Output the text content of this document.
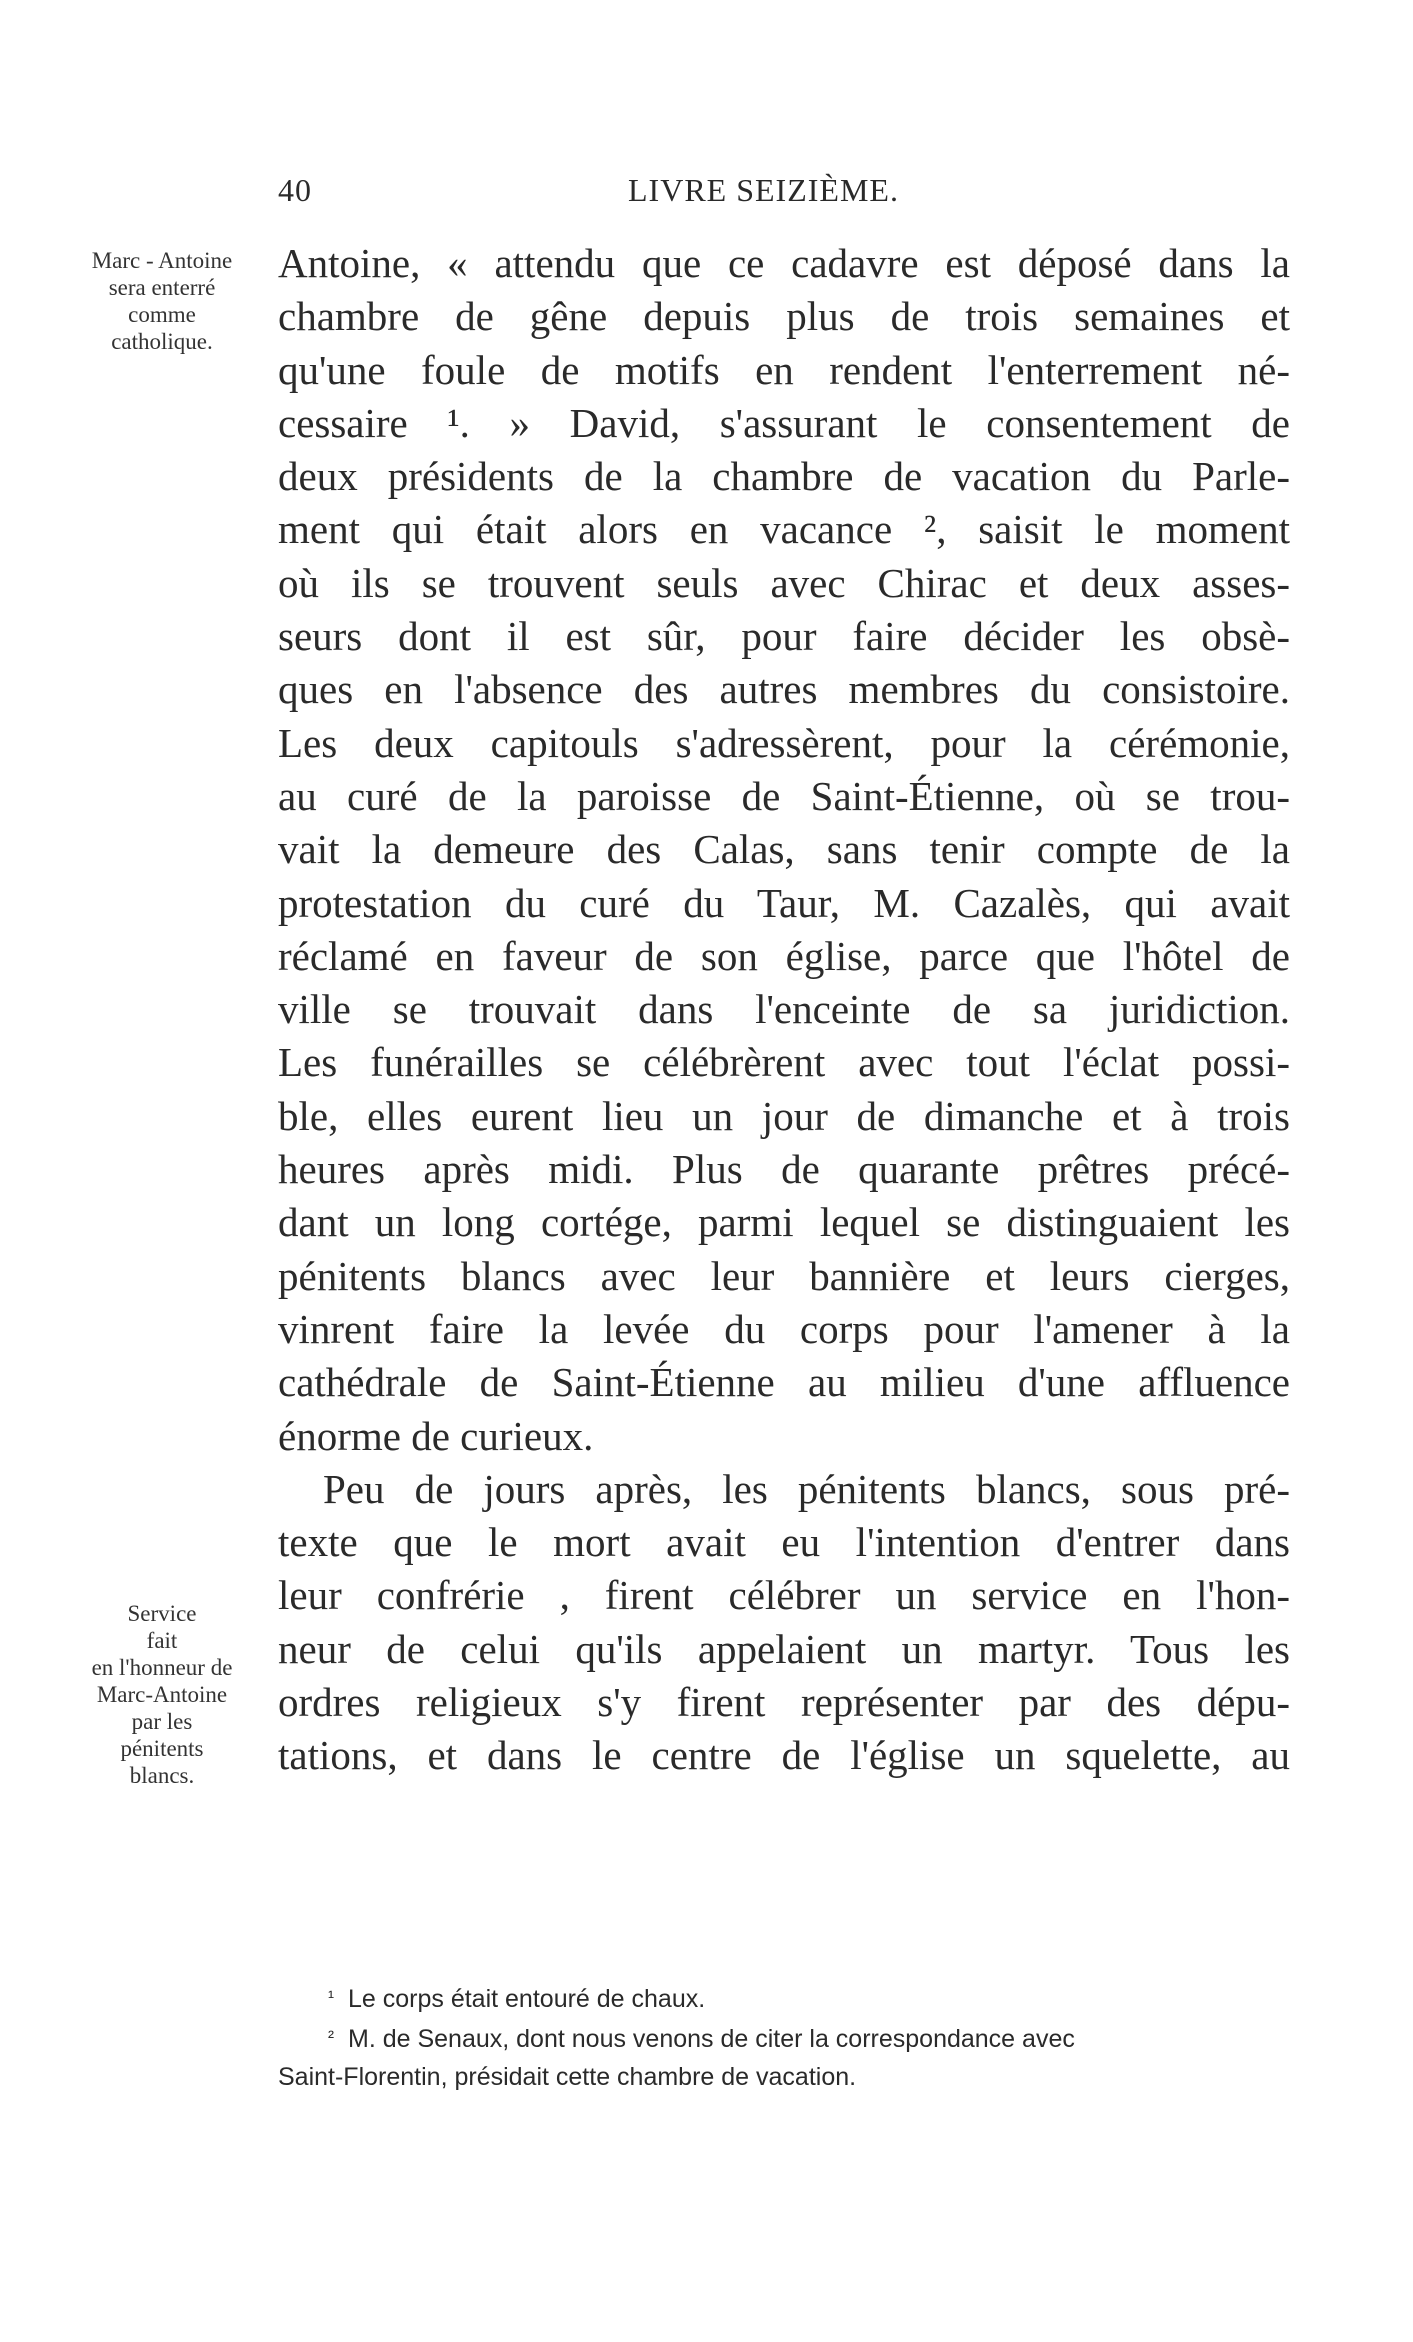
40	LIVRE SEIZIÈME.
Marc - Antoine
sera enterré
comme
catholique.
Service
fait
en l'honneur de
Marc-Antoine
par les
pénitents
blancs.
Antoine, « attendu que ce cadavre est déposé dans la
chambre de gêne depuis plus de trois semaines et
qu'une foule de motifs en rendent l'enterrement né-
cessaire ¹. » David, s'assurant le consentement de
deux présidents de la chambre de vacation du Parle-
ment qui était alors en vacance ², saisit le moment
où ils se trouvent seuls avec Chirac et deux asses-
seurs dont il est sûr, pour faire décider les obsè-
ques en l'absence des autres membres du consistoire.
Les deux capitouls s'adressèrent, pour la cérémonie,
au curé de la paroisse de Saint-Étienne, où se trou-
vait la demeure des Calas, sans tenir compte de la
protestation du curé du Taur, M. Cazalès, qui avait
réclamé en faveur de son église, parce que l'hôtel de
ville se trouvait dans l'enceinte de sa juridiction.
Les funérailles se célébrèrent avec tout l'éclat possi-
ble, elles eurent lieu un jour de dimanche et à trois
heures après midi. Plus de quarante prêtres précé-
dant un long cortége, parmi lequel se distinguaient les
pénitents blancs avec leur bannière et leurs cierges,
vinrent faire la levée du corps pour l'amener à la
cathédrale de Saint-Étienne au milieu d'une affluence
énorme de curieux.
Peu de jours après, les pénitents blancs, sous pré-
texte que le mort avait eu l'intention d'entrer dans
leur confrérie , firent célébrer un service en l'hon-
neur de celui qu'ils appelaient un martyr. Tous les
ordres religieux s'y firent représenter par des dépu-
tations, et dans le centre de l'église un squelette, au
¹ Le corps était entouré de chaux.
² M. de Senaux, dont nous venons de citer la correspondance avec
Saint-Florentin, présidait cette chambre de vacation.
